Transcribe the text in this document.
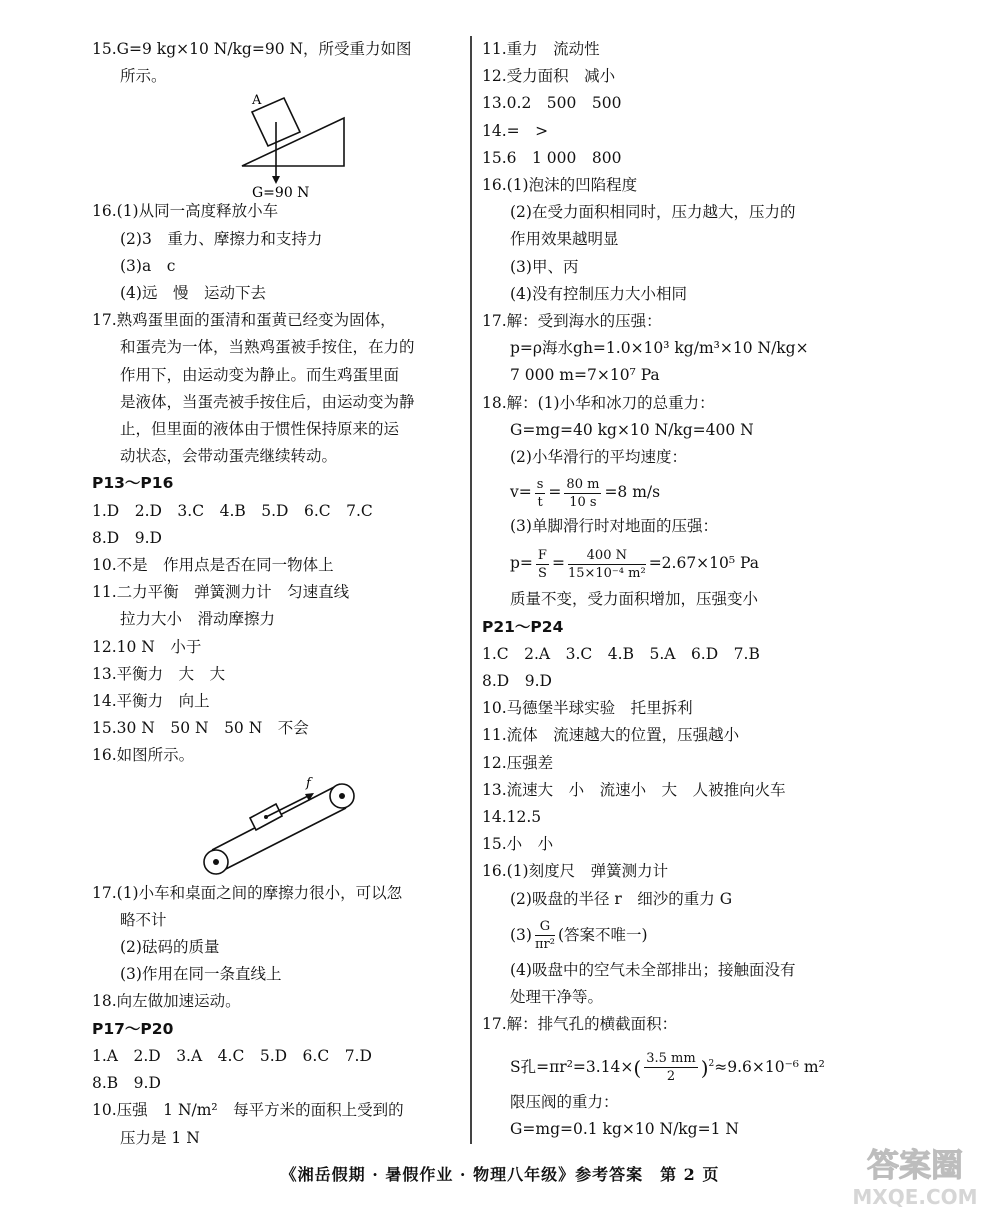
15.G=9 kg×10 N/kg=90 N，所受重力如图
所示。
A
G=90 N
16.(1)从同一高度释放小车
(2)3　重力、摩擦力和支持力
(3)a　c
(4)远　慢　运动下去
17.熟鸡蛋里面的蛋清和蛋黄已经变为固体，
和蛋壳为一体，当熟鸡蛋被手按住，在力的
作用下，由运动变为静止。而生鸡蛋里面
是液体，当蛋壳被手按住后，由运动变为静
止，但里面的液体由于惯性保持原来的运
动状态，会带动蛋壳继续转动。
P13～P16
1.D　2.D　3.C　4.B　5.D　6.C　7.C
8.D　9.D
10.不是　作用点是否在同一物体上
11.二力平衡　弹簧测力计　匀速直线
拉力大小　滑动摩擦力
12.10 N　小于
13.平衡力　大　大
14.平衡力　向上
15.30 N　50 N　50 N　不会
16.如图所示。
f
17.(1)小车和桌面之间的摩擦力很小，可以忽
略不计
(2)砝码的质量
(3)作用在同一条直线上
18.向左做加速运动。
P17～P20
1.A　2.D　3.A　4.C　5.D　6.C　7.D
8.B　9.D
10.压强　1 N/m²　每平方米的面积上受到的
压力是 1 N
11.重力　流动性
12.受力面积　减小
13.0.2　500　500
14.=　>
15.6　1 000　800
16.(1)泡沫的凹陷程度
(2)在受力面积相同时，压力越大，压力的
作用效果越明显
(3)甲、丙
(4)没有控制压力大小相同
17.解：受到海水的压强：
p=ρ海水gh=1.0×10³ kg/m³×10 N/kg×
7 000 m=7×10⁷ Pa
18.解：(1)小华和冰刀的总重力：
G=mg=40 kg×10 N/kg=400 N
(2)小华滑行的平均速度：
$v= \frac{s}{t} = \frac{80 m}{10 s} =8$ m/s
(3)单脚滑行时对地面的压强：
$p= \frac{F}{S} = \frac{400 N}{\text{15×10⁻⁴ m²}} =2.67\times 10^5$ Pa
质量不变，受力面积增加，压强变小
P21～P24
1.C　2.A　3.C　4.B　5.A　6.D　7.B
8.D　9.D
10.马德堡半球实验　托里拆利
11.流体　流速越大的位置，压强越小
12.压强差
13.流速大　小　流速小　大　人被推向火车
14.12.5
15.小　小
16.(1)刻度尺　弹簧测力计
(2)吸盘的半径 r　细沙的重力 G
$(3) \frac{G}{\text{πr²}}$ (答案不唯一)
(4)吸盘中的空气未全部排出；接触面没有
处理干净等。
17.解：排气孔的横截面积：
S孔$=\pi r^2=3.14\times( \frac{3.5 mm}{2} )^2\approx 9.6\times 10^{-6}$ m²
限压阀的重力：
G=mg=0.1 kg×10 N/kg=1 N
《湘岳假期 · 暑假作业 · 物理八年级》参考答案　第 2 页	答案圈
MXQE.COM
